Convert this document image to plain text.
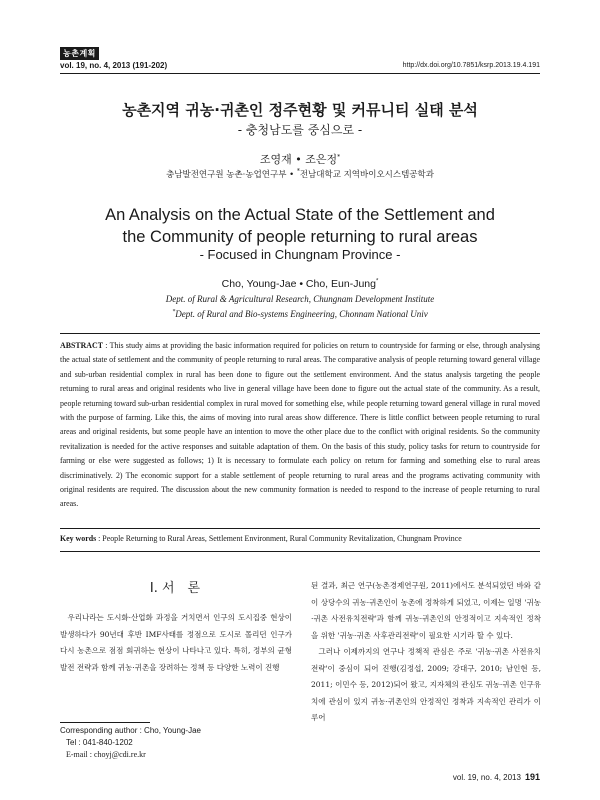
농촌계획
vol. 19, no. 4, 2013 (191-202)	http://dx.doi.org/10.7851/ksrp.2013.19.4.191
농촌지역 귀농·귀촌인 정주현황 및 커뮤니티 실태 분석
- 충청남도를 중심으로 -
조영재 • 조은정*
충남발전연구원 농촌·농업연구부 • *전남대학교 지역바이오시스템공학과
An Analysis on the Actual State of the Settlement and
the Community of people returning to rural areas
- Focused in Chungnam Province -
Cho, Young-Jae • Cho, Eun-Jung*
Dept. of Rural & Agricultural Research, Chungnam Development Institute
*Dept. of Rural and Bio-systems Engineering, Chonnam National Univ
ABSTRACT : This study aims at providing the basic information required for policies on return to countryside for farming or else, through analysing the actual state of settlement and the community of people returning to rural areas. The comparative analysis of people returning toward general village and sub-urban residential complex in rural has been done to figure out the settlement environment. And the status analysis targeting the people returning to rural areas and original residents who live in general village have been done to figure out the actual state of the community. As a result, people returning toward sub-urban residential complex in rural moved for something else, while people returning toward general village in rural moved with the purpose of farming. Like this, the aims of moving into rural areas show difference. There is little conflict between people returning to rural areas and original residents, but some people have an intention to move the other place due to the conflict with original residents. So the community revitalization is needed for the active responses and suitable adaptation of them. On the basis of this study, policy tasks for return to countryside for farming or else were suggested as follows; 1) It is necessary to formulate each policy on return for farming and something else to rural areas discriminatively. 2) The economic support for a stable settlement of people returning to rural areas and the programs activating community with original residents are required. The discussion about the new community formation is needed to respond to the increase of people returning to rural areas.
Key words : People Returning to Rural Areas, Settlement Environment, Rural Community Revitalization, Chungnam Province
I. 서　론

우리나라는 도시화·산업화 과정을 거치면서 인구의 도시집중 현상이 발생하다가 90년대 후반 IMF사태를 정점으로 도시로 몰리던 인구가 다시 농촌으로 점점 회귀하는 현상이 나타나고 있다. 특히, 정부의 균형발전 전략과 함께 귀농·귀촌을 장려하는 정책 등 다양한 노력이 진행

된 결과, 최근 연구(농촌경제연구원, 2011)에서도 분석되었던 바와 같이 상당수의 귀농·귀촌인이 농촌에 정착하게 되었고, 이제는 일명 '귀농·귀촌 사전유치전략'과 함께 귀농·귀촌인의 안정적이고 지속적인 정착을 위한 '귀농·귀촌 사후관리전략'이 필요한 시기라 할 수 있다.

그러나 이제까지의 연구나 정책적 관심은 주로 '귀농·귀촌 사전유치전략'이 중심이 되어 진행(김정섭, 2009; 강대구, 2010; 남인현 등, 2011; 이민수 등, 2012)되어 왔고, 지자체의 관심도 귀농·귀촌 인구유치에 관심이 있지 귀농·귀촌인의 안정적인 정착과 지속적인 관리가 이루어

Corresponding author : Cho, Young-Jae
Tel : 041-840-1202
E-mail : choyj@cdi.re.kr
vol. 19, no. 4, 2013 191
